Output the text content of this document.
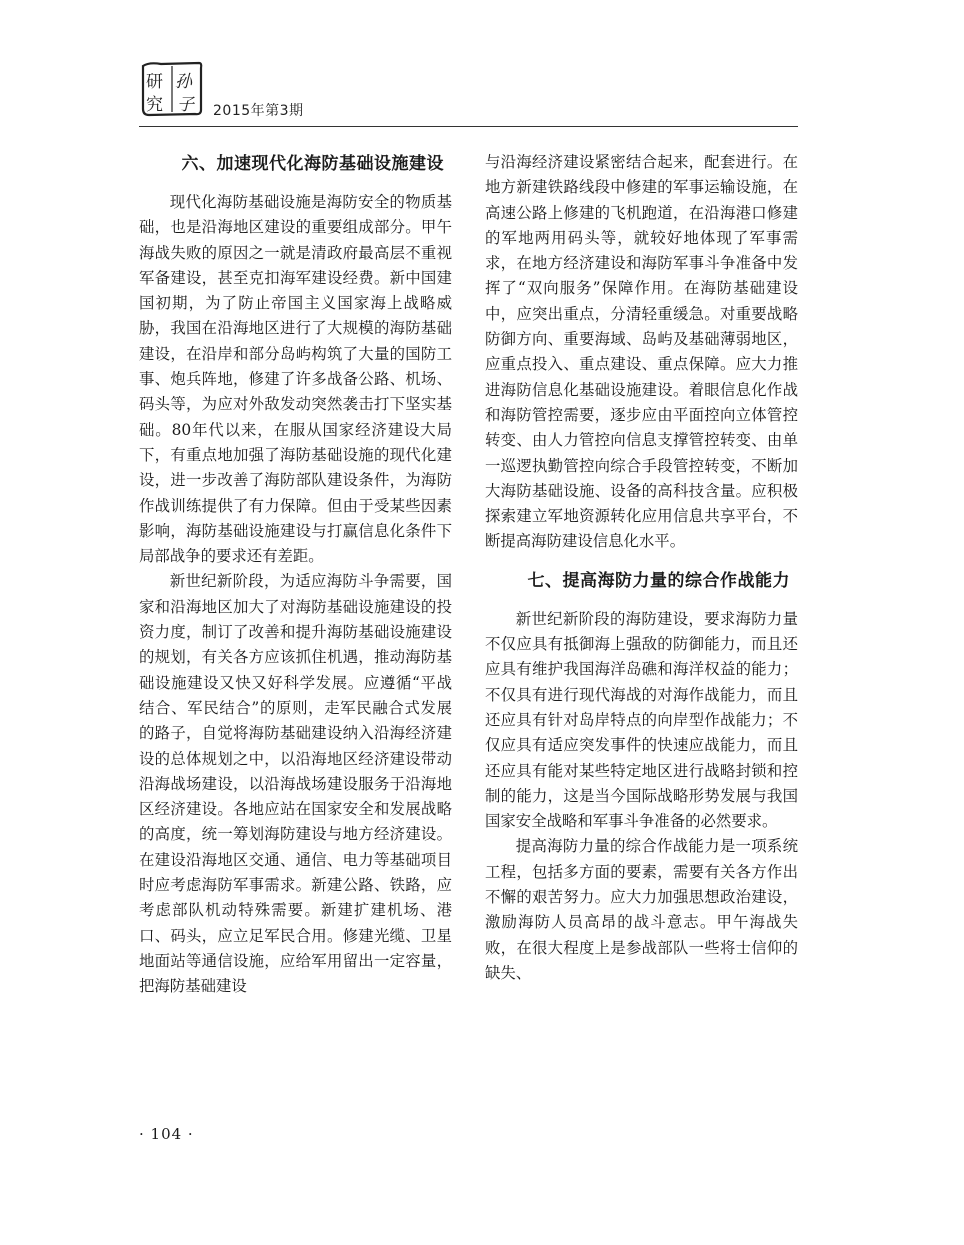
研
究
孙
子 2015年第3期
六、加速现代化海防基础设施建设

现代化海防基础设施是海防安全的物质基础，也是沿海地区建设的重要组成部分。甲午海战失败的原因之一就是清政府最高层不重视军备建设，甚至克扣海军建设经费。新中国建国初期，为了防止帝国主义国家海上战略威胁，我国在沿海地区进行了大规模的海防基础建设，在沿岸和部分岛屿构筑了大量的国防工事、炮兵阵地，修建了许多战备公路、机场、码头等，为应对外敌发动突然袭击打下坚实基础。80年代以来，在服从国家经济建设大局下，有重点地加强了海防基础设施的现代化建设，进一步改善了海防部队建设条件，为海防作战训练提供了有力保障。但由于受某些因素影响，海防基础设施建设与打赢信息化条件下局部战争的要求还有差距。

新世纪新阶段，为适应海防斗争需要，国家和沿海地区加大了对海防基础设施建设的投资力度，制订了改善和提升海防基础设施建设的规划，有关各方应该抓住机遇，推动海防基础设施建设又快又好科学发展。应遵循“平战结合、军民结合”的原则，走军民融合式发展的路子，自觉将海防基础建设纳入沿海经济建设的总体规划之中，以沿海地区经济建设带动沿海战场建设，以沿海战场建设服务于沿海地区经济建设。各地应站在国家安全和发展战略的高度，统一筹划海防建设与地方经济建设。在建设沿海地区交通、通信、电力等基础项目时应考虑海防军事需求。新建公路、铁路，应考虑部队机动特殊需要。新建扩建机场、港口、码头，应立足军民合用。修建光缆、卫星地面站等通信设施，应给军用留出一定容量，把海防基础建设

与沿海经济建设紧密结合起来，配套进行。在地方新建铁路线段中修建的军事运输设施，在高速公路上修建的飞机跑道，在沿海港口修建的军地两用码头等，就较好地体现了军事需求，在地方经济建设和海防军事斗争准备中发挥了“双向服务”保障作用。在海防基础建设中，应突出重点，分清轻重缓急。对重要战略防御方向、重要海域、岛屿及基础薄弱地区，应重点投入、重点建设、重点保障。应大力推进海防信息化基础设施建设。着眼信息化作战和海防管控需要，逐步应由平面控向立体管控转变、由人力管控向信息支撑管控转变、由单一巡逻执勤管控向综合手段管控转变，不断加大海防基础设施、设备的高科技含量。应积极探索建立军地资源转化应用信息共享平台，不断提高海防建设信息化水平。

七、提高海防力量的综合作战能力

新世纪新阶段的海防建设，要求海防力量不仅应具有抵御海上强敌的防御能力，而且还应具有维护我国海洋岛礁和海洋权益的能力；不仅具有进行现代海战的对海作战能力，而且还应具有针对岛岸特点的向岸型作战能力；不仅应具有适应突发事件的快速应战能力，而且还应具有能对某些特定地区进行战略封锁和控制的能力，这是当今国际战略形势发展与我国国家安全战略和军事斗争准备的必然要求。

提高海防力量的综合作战能力是一项系统工程，包括多方面的要素，需要有关各方作出不懈的艰苦努力。应大力加强思想政治建设，激励海防人员高昂的战斗意志。甲午海战失败，在很大程度上是参战部队一些将士信仰的缺失、

· 104 ·
